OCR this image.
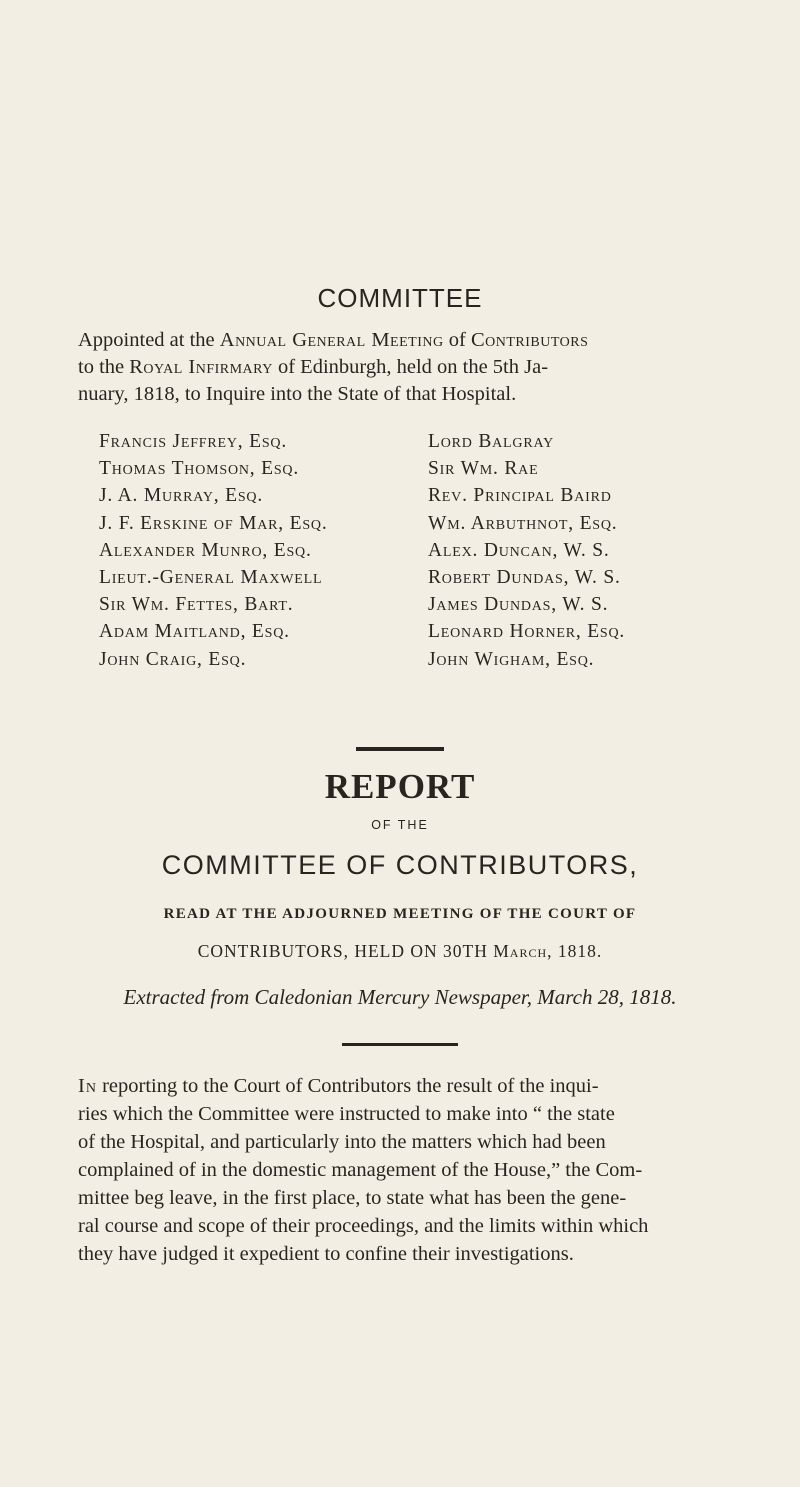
COMMITTEE
Appointed at the Annual General Meeting of Contributors
to the Royal Infirmary of Edinburgh, held on the 5th Ja-
nuary, 1818, to Inquire into the State of that Hospital.
Francis Jeffrey, Esq.
Thomas Thomson, Esq.
J. A. Murray, Esq.
J. F. Erskine of Mar, Esq.
Alexander Munro, Esq.
Lieut.-General Maxwell
Sir Wm. Fettes, Bart.
Adam Maitland, Esq.
John Craig, Esq.
Lord Balgray
Sir Wm. Rae
Rev. Principal Baird
Wm. Arbuthnot, Esq.
Alex. Duncan, W. S.
Robert Dundas, W. S.
James Dundas, W. S.
Leonard Horner, Esq.
John Wigham, Esq.
REPORT
OF THE
COMMITTEE OF CONTRIBUTORS,
READ AT THE ADJOURNED MEETING OF THE COURT OF
CONTRIBUTORS, HELD ON 30TH March, 1818.
Extracted from Caledonian Mercury Newspaper, March 28, 1818.
In reporting to the Court of Contributors the result of the inqui-
ries which the Committee were instructed to make into “ the state
of the Hospital, and particularly into the matters which had been
complained of in the domestic management of the House,” the Com-
mittee beg leave, in the first place, to state what has been the gene-
ral course and scope of their proceedings, and the limits within which
they have judged it expedient to confine their investigations.
